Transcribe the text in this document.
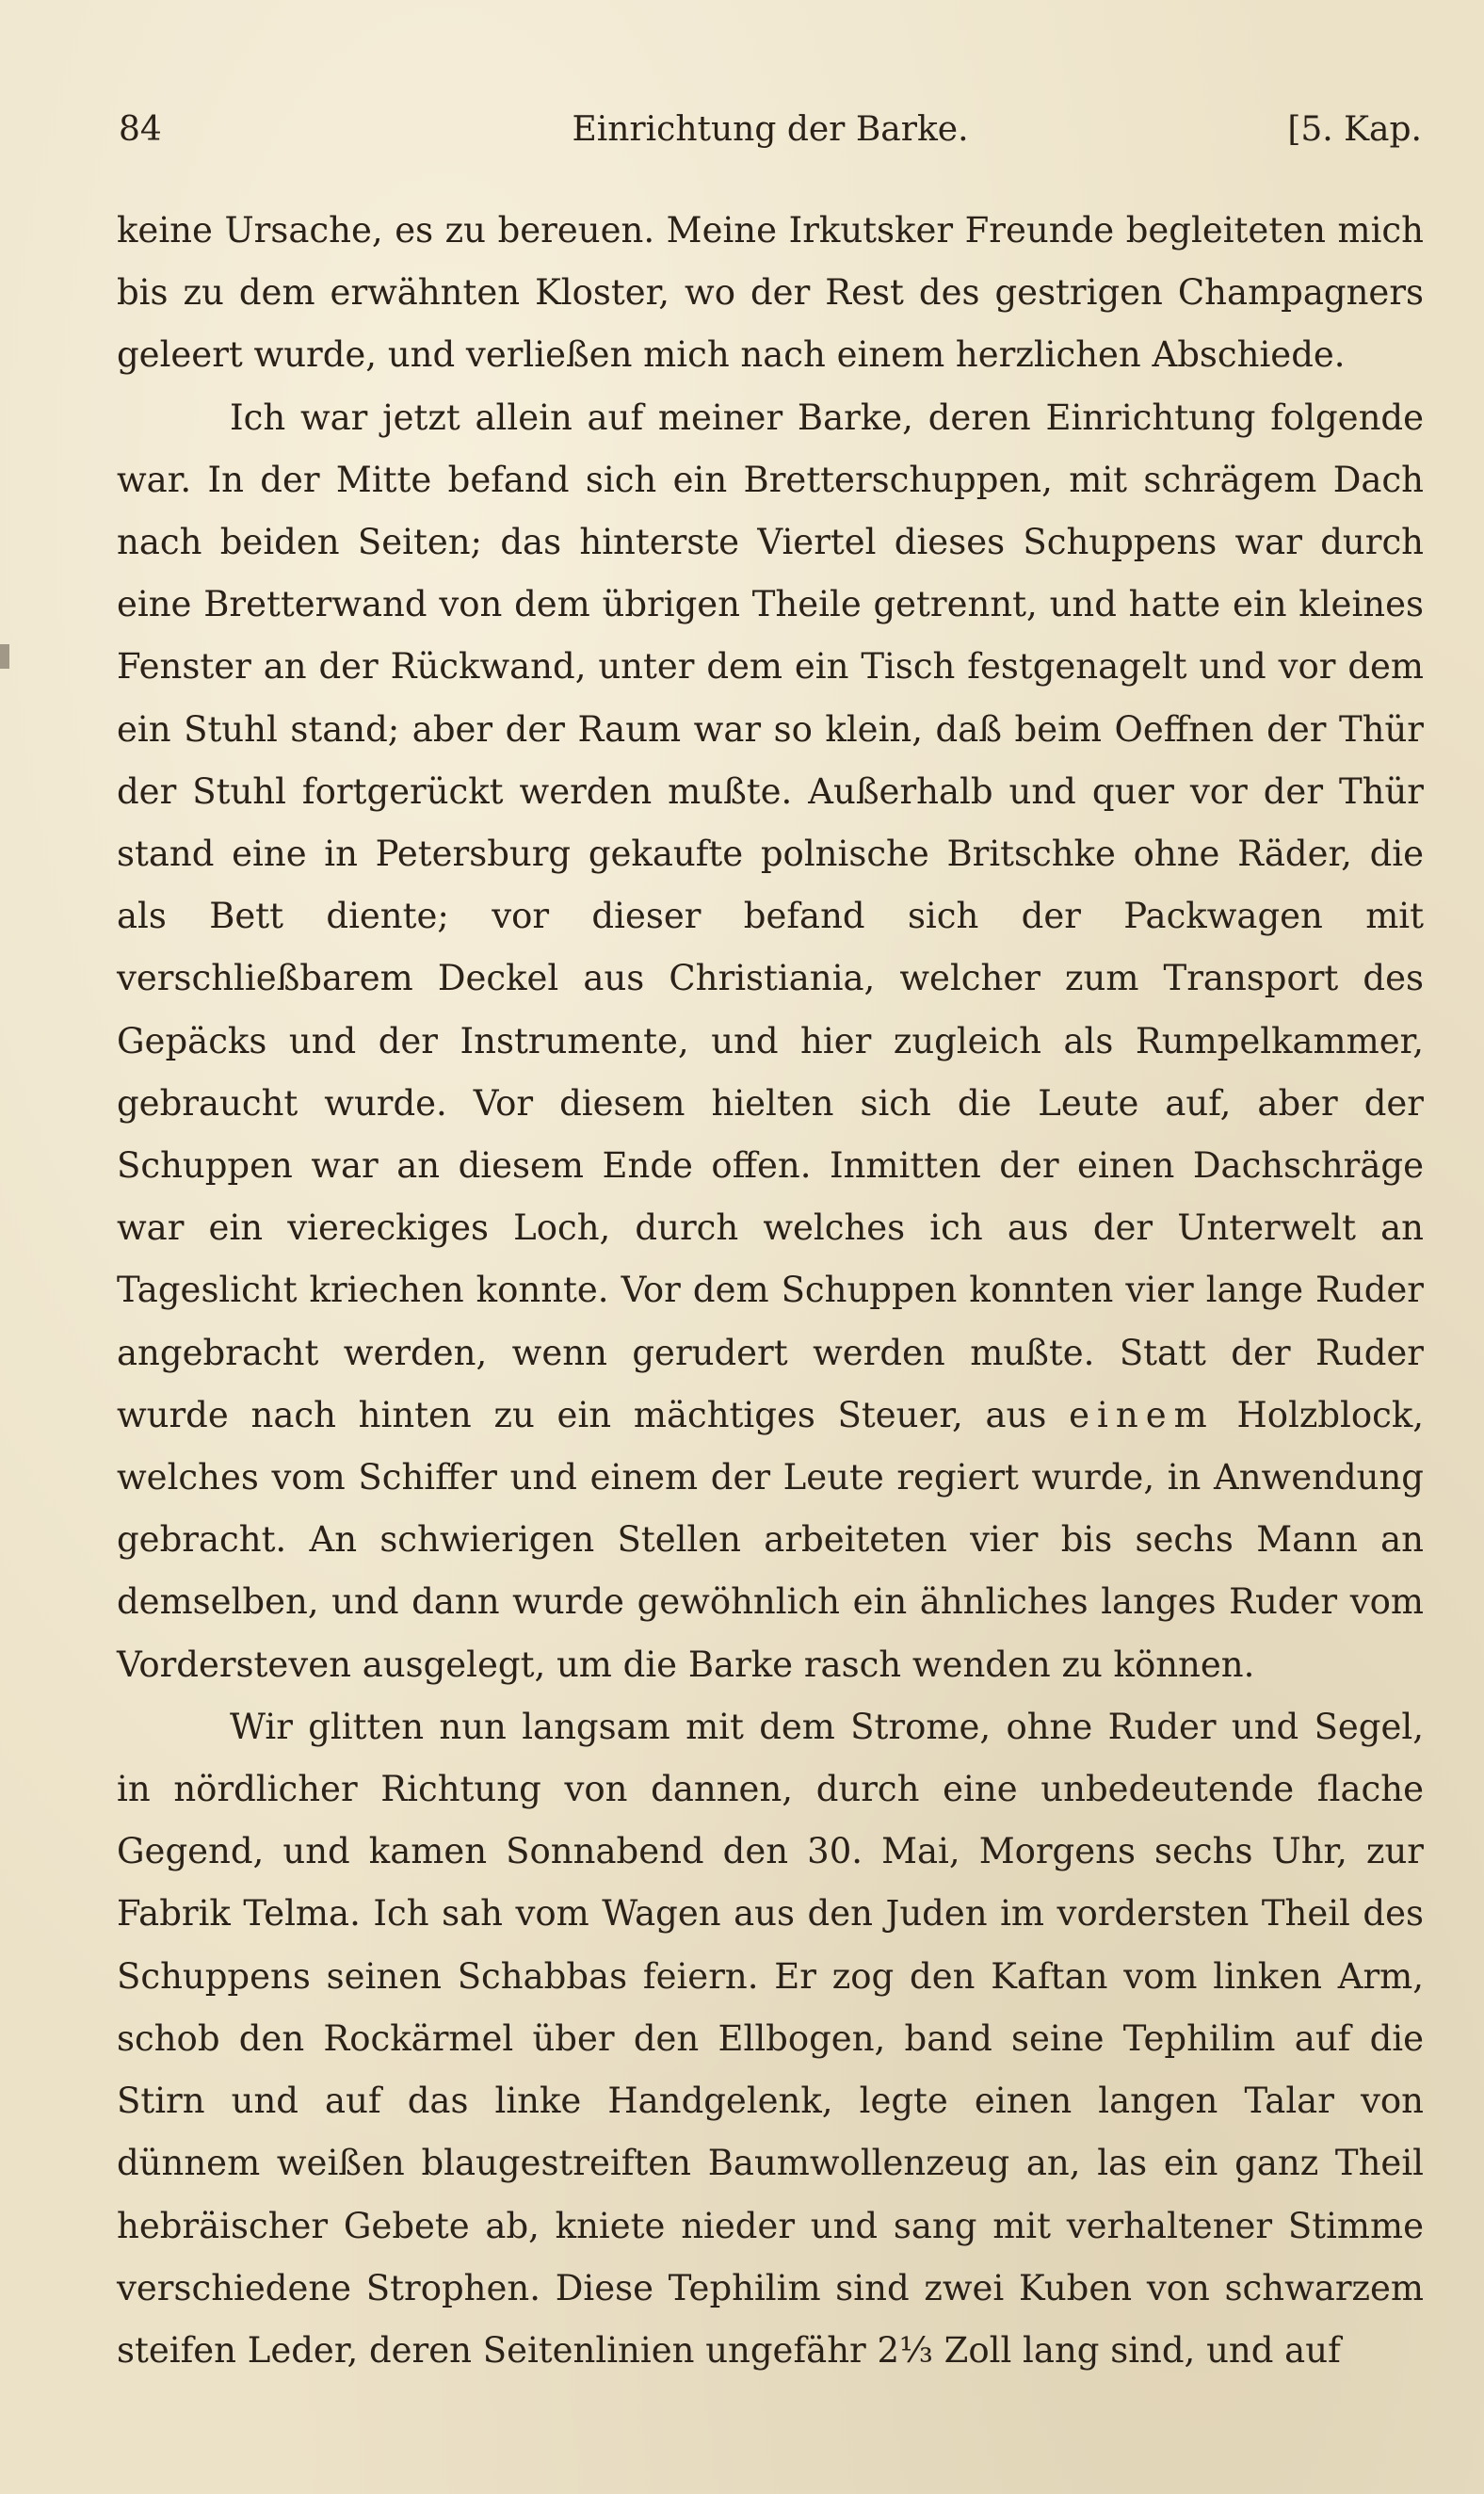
84	Einrichtung der Barke.	[5. Kap.

keine Ursache, es zu bereuen. Meine Irkutsker Freunde begleiteten mich bis zu dem erwähnten Kloster, wo der Rest des gestrigen Champagners geleert wurde, und verließen mich nach einem herzlichen Abschiede.

Ich war jetzt allein auf meiner Barke, deren Einrichtung folgende war. In der Mitte befand sich ein Bretterschuppen, mit schrägem Dach nach beiden Seiten; das hinterste Viertel dieses Schuppens war durch eine Bretterwand von dem übrigen Theile getrennt, und hatte ein kleines Fenster an der Rückwand, unter dem ein Tisch festgenagelt und vor dem ein Stuhl stand; aber der Raum war so klein, daß beim Oeffnen der Thür der Stuhl fortgerückt werden mußte. Außerhalb und quer vor der Thür stand eine in Petersburg gekaufte polnische Britschke ohne Räder, die als Bett diente; vor dieser befand sich der Packwagen mit verschließbarem Deckel aus Christiania, welcher zum Transport des Gepäcks und der Instrumente, und hier zugleich als Rumpelkammer, gebraucht wurde. Vor diesem hielten sich die Leute auf, aber der Schuppen war an diesem Ende offen. Inmitten der einen Dachschräge war ein viereckiges Loch, durch welches ich aus der Unterwelt an Tageslicht kriechen konnte. Vor dem Schuppen konnten vier lange Ruder angebracht werden, wenn gerudert werden mußte. Statt der Ruder wurde nach hinten zu ein mächtiges Steuer, aus einem Holzblock, welches vom Schiffer und einem der Leute regiert wurde, in Anwendung gebracht. An schwierigen Stellen arbeiteten vier bis sechs Mann an demselben, und dann wurde gewöhnlich ein ähnliches langes Ruder vom Vordersteven ausgelegt, um die Barke rasch wenden zu können.

Wir glitten nun langsam mit dem Strome, ohne Ruder und Segel, in nördlicher Richtung von dannen, durch eine unbedeutende flache Gegend, und kamen Sonnabend den 30. Mai, Morgens sechs Uhr, zur Fabrik Telma. Ich sah vom Wagen aus den Juden im vordersten Theil des Schuppens seinen Schabbas feiern. Er zog den Kaftan vom linken Arm, schob den Rockärmel über den Ellbogen, band seine Tephilim auf die Stirn und auf das linke Handgelenk, legte einen langen Talar von dünnem weißen blaugestreiften Baumwollenzeug an, las ein ganz Theil hebräischer Gebete ab, kniete nieder und sang mit verhaltener Stimme verschiedene Strophen. Diese Tephilim sind zwei Kuben von schwarzem steifen Leder, deren Seitenlinien ungefähr 2⅓ Zoll lang sind, und auf
